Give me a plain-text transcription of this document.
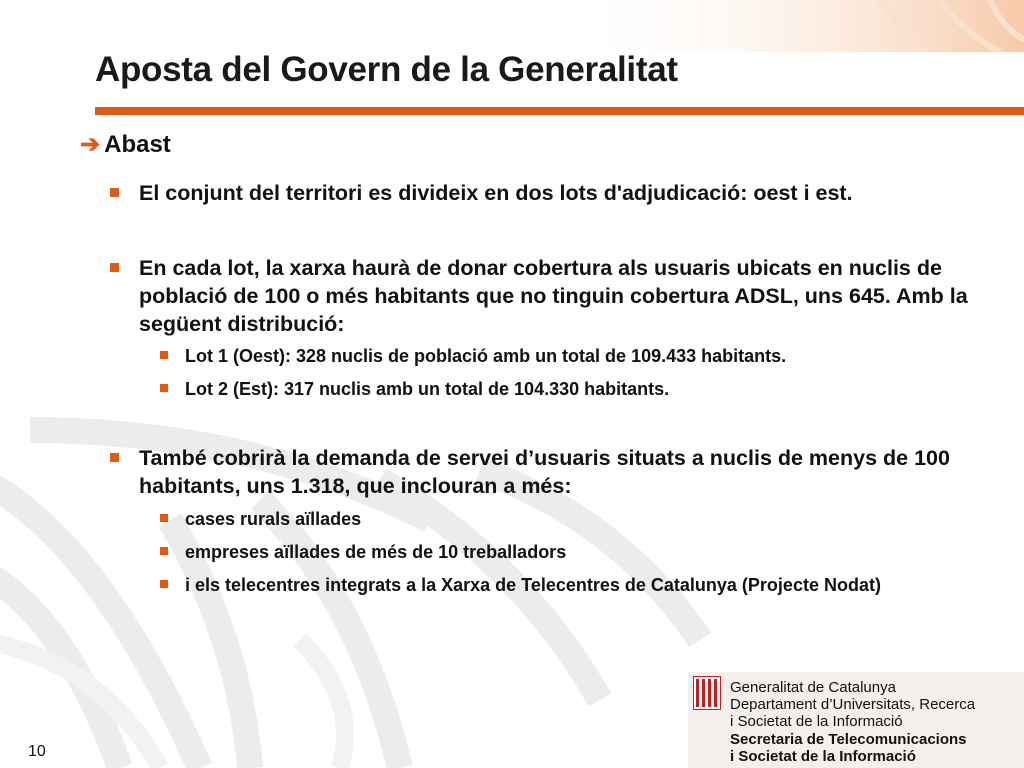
Aposta del Govern de la Generalitat
➔ Abast
El conjunt del territori es divideix en dos lots d'adjudicació: oest i est.
En cada lot, la xarxa haurà de donar cobertura als usuaris ubicats en nuclis de població de 100 o més habitants que no tinguin cobertura ADSL, uns 645. Amb la següent distribució:
Lot 1 (Oest): 328 nuclis de població amb un total de 109.433 habitants.
Lot 2 (Est): 317 nuclis amb un total de 104.330 habitants.
També cobrirà la demanda de servei d’usuaris situats a nuclis de menys de 100 habitants, uns 1.318, que inclouran a més:
cases rurals aïllades
empreses aïllades de més de 10 treballadors
i els telecentres integrats a la Xarxa de Telecentres de Catalunya (Projecte Nodat)
Generalitat de Catalunya
Departament d’Universitats, Recerca
i Societat de la Informació
Secretaria de Telecomunicacions
i Societat de la Informació
10
